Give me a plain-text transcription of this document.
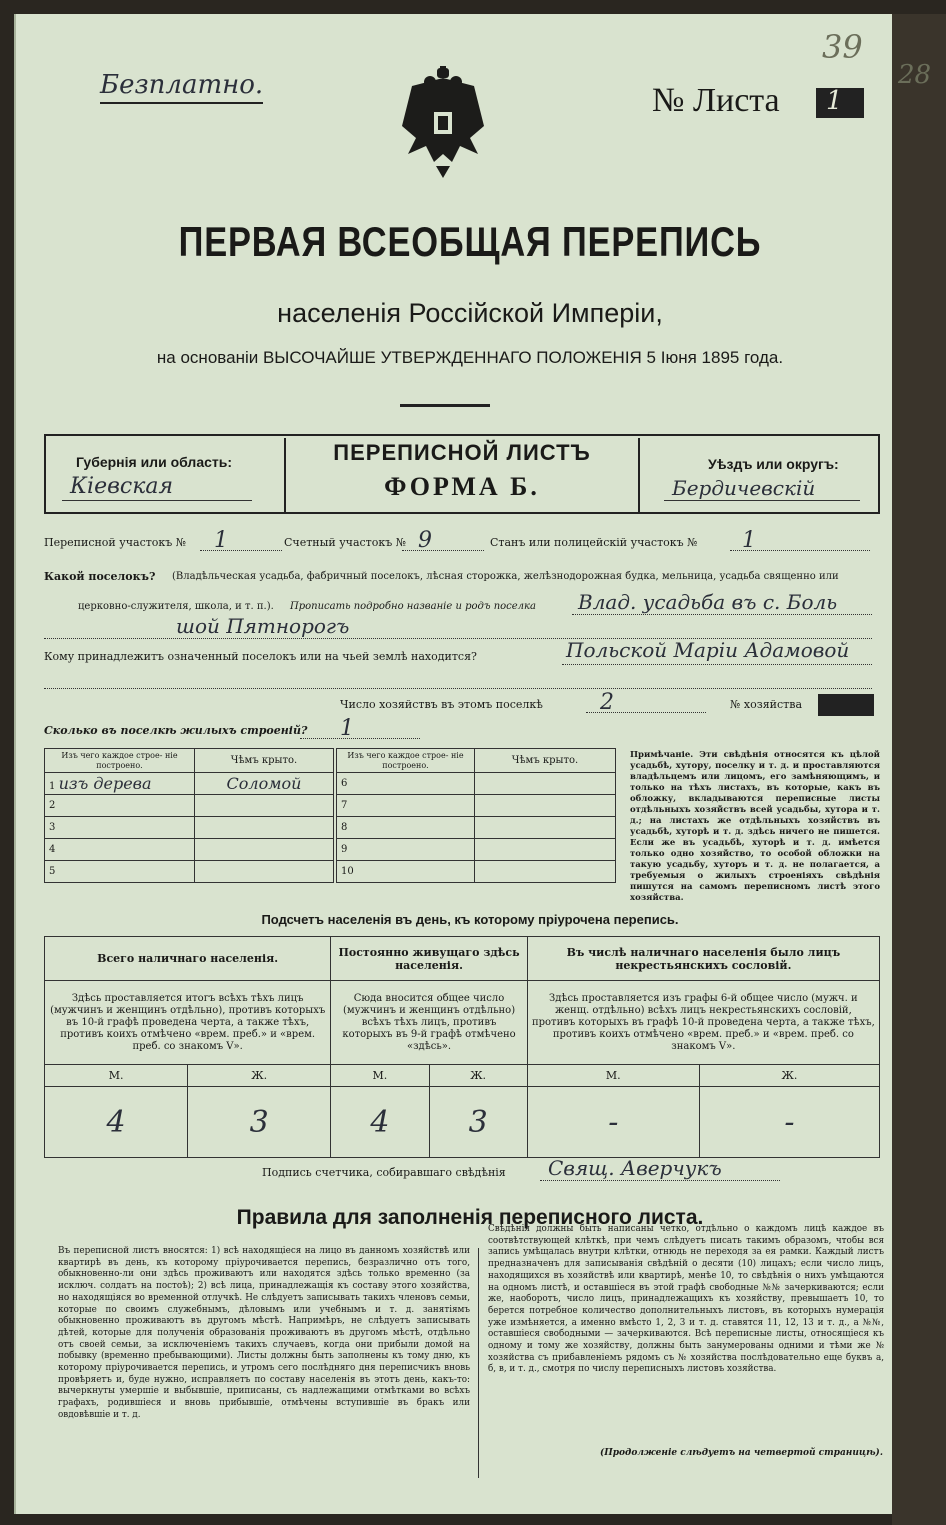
Безплатно.	№ Листа 1
39
28
ПЕРВАЯ ВСЕОБЩАЯ ПЕРЕПИСЬ
населенія Россійской Имперіи,
на основаніи ВЫСОЧАЙШЕ УТВЕРЖДЕННАГО ПОЛОЖЕНІЯ 5 Іюня 1895 года.
Губернія или область:
Кіевская
ПЕРЕПИСНОЙ ЛИСТЪ
ФОРМА Б.
Уѣздъ или округъ:
Бердичевскій
Переписной участокъ № 1	Счетный участокъ № 9	Станъ или полицейскій участокъ № 1
Какой поселокъ? (Владѣльческая усадьба, фабричный поселокъ, лѣсная сторожка, желѣзнодорожная будка, мельница, усадьба священно или
церковно-служителя, школа, и т. п.). Прописать подробно названіе и родъ поселка Влад. усадьба въ с. Боль
шой Пятнорогъ
Кому принадлежитъ означенный поселокъ или на чьей землѣ находится?	Польской Маріи Адамовой
Число хозяйствъ въ этомъ поселкѣ	2	№ хозяйства
Сколько въ поселкѣ жилыхъ строеній? 1
Изъ чего каждое строе- ніе построено.	Чѣмъ крыто.
1 изъ дерева	Соломой
2	
3	
4	
5	
Изъ чего каждое строе- ніе построено.	Чѣмъ крыто.
6	
7	
8	
9	
10	
Примѣчаніе. Эти свѣдѣнія относятся къ цѣлой усадьбѣ, хутору, поселку и т. д. и проставляются владѣльцемъ или лицомъ, его замѣняющимъ, и только на тѣхъ листахъ, въ которые, какъ въ обложку, вкладываются переписные листы отдѣльныхъ хозяйствъ всей усадьбы, хутора и т. д.; на листахъ же отдѣльныхъ хозяйствъ въ усадьбѣ, хуторѣ и т. д. здѣсь ничего не пишется. Если же въ усадьбѣ, хуторѣ и т. д. имѣется только одно хозяйство, то особой обложки на такую усадьбу, хуторъ и т. д. не полагается, а требуемыя о жилыхъ строеніяхъ свѣдѣнія пишутся на самомъ переписномъ листѣ этого хозяйства.
Подсчетъ населенія въ день, къ которому пріурочена перепись.
Всего наличнаго населенія.		Постоянно живущаго здѣсь населенія.		Въ числѣ наличнаго населенія было лицъ некрестьянскихъ сословій.	
Здѣсь проставляется итогъ всѣхъ тѣхъ лицъ (мужчинъ и женщинъ отдѣльно), противъ которыхъ въ 10-й графѣ проведена черта, а также тѣхъ, противъ коихъ отмѣчено «врем. преб.» и «врем. преб. со знакомъ V».		Сюда вносится общее число (мужчинъ и женщинъ отдѣльно) всѣхъ тѣхъ лицъ, противъ которыхъ въ 9-й графѣ отмѣчено «здѣсь».		Здѣсь проставляется изъ графы 6-й общее число (мужч. и женщ. отдѣльно) всѣхъ лицъ некрестьянскихъ сословій, противъ которыхъ въ графѣ 10-й проведена черта, а также тѣхъ, противъ коихъ отмѣчено «врем. преб.» и «врем. преб. со знакомъ V».	
М.	Ж.	М.	Ж.	М.	Ж.
4	3	4	3	-	-
Подпись счетчика, собиравшаго свѣдѣнія Свящ. Аверчукъ
Правила для заполненія переписного листа.
Въ переписной листъ вносятся: 1) всѣ находящіеся на лицо въ данномъ хозяйствѣ или квартирѣ въ день, къ которому пріурочивается перепись, безразлично отъ того, обыкновенно-ли они здѣсь проживаютъ или находятся здѣсь только временно (за исключ. солдатъ на постоѣ); 2) всѣ лица, принадлежащія къ составу этого хозяйства, но находящіяся во временной отлучкѣ. Не слѣдуетъ записывать такихъ членовъ семьи, которые по своимъ служебнымъ, дѣловымъ или учебнымъ и т. д. занятіямъ обыкновенно проживаютъ въ другомъ мѣстѣ. Напримѣръ, не слѣдуетъ записывать дѣтей, которые для полученія образованія проживаютъ въ другомъ мѣстѣ, отдѣльно отъ своей семьи, за исключеніемъ такихъ случаевъ, когда они прибыли домой на побывку (временно пребывающими). Листы должны быть заполнены къ тому дню, къ которому пріурочивается перепись, и утромъ сего послѣдняго дня переписчикъ вновь провѣряетъ и, буде нужно, исправляетъ по составу населенія въ этотъ день, какъ-то: вычеркнуты умершіе и выбывшіе, приписаны, съ надлежащими отмѣтками во всѣхъ графахъ, родившіеся и вновь прибывшіе, отмѣчены вступившіе въ бракъ или овдовѣвшіе и т. д.
Свѣдѣнія должны быть написаны четко, отдѣльно о каждомъ лицѣ каждое въ соотвѣтствующей клѣткѣ, при чемъ слѣдуетъ писать такимъ образомъ, чтобы вся запись умѣщалась внутри клѣтки, отнюдь не переходя за ея рамки. Каждый листъ предназначенъ для записыванія свѣдѣній о десяти (10) лицахъ; если число лицъ, находящихся въ хозяйствѣ или квартирѣ, менѣе 10, то свѣдѣнія о нихъ умѣщаются на одномъ листѣ, и оставшіеся въ этой графѣ свободные №№ зачеркиваются; если же, наоборотъ, число лицъ, принадлежащихъ къ хозяйству, превышаетъ 10, то берется потребное количество дополнительныхъ листовъ, въ которыхъ нумерація уже измѣняется, а именно вмѣсто 1, 2, 3 и т. д. ставятся 11, 12, 13 и т. д., а №№, оставшіеся свободными — зачеркиваются. Всѣ переписные листы, относящіеся къ одному и тому же хозяйству, должны быть занумерованы одними и тѣми же № хозяйства съ прибавленіемъ рядомъ съ № хозяйства послѣдовательно еще буквъ а, б, в, и т. д., смотря по числу переписныхъ листовъ хозяйства.
(Продолженіе слѣдуетъ на четвертой страницѣ).
